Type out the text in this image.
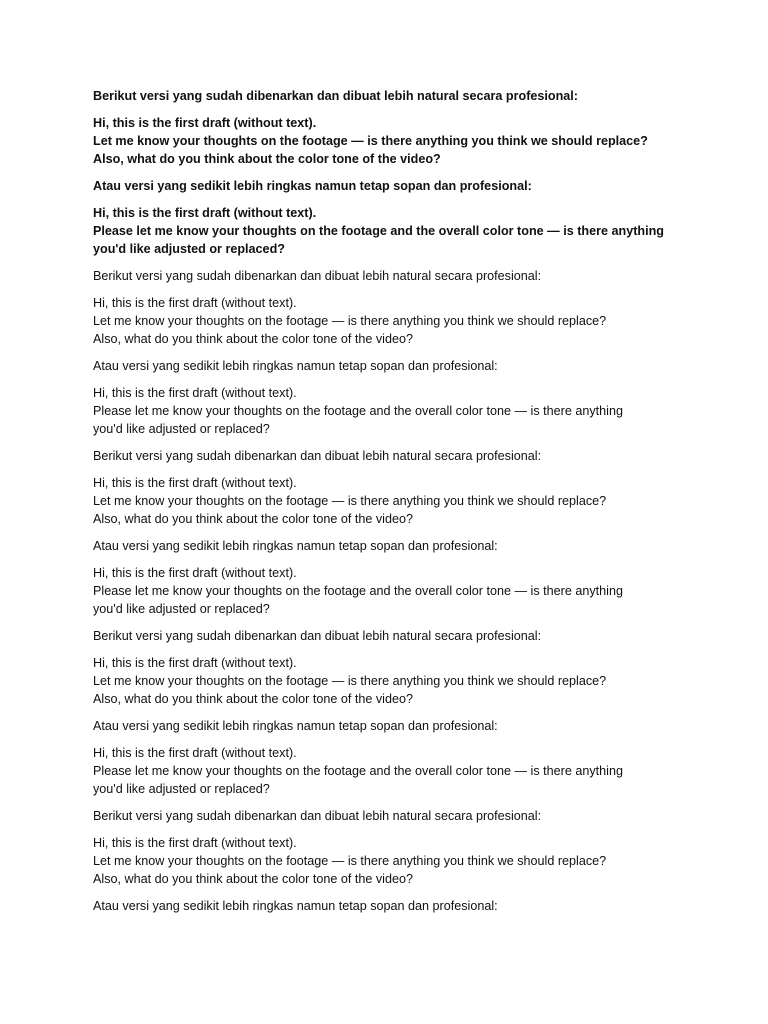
Berikut versi yang sudah dibenarkan dan dibuat lebih natural secara profesional:

Hi, this is the first draft (without text).
Let me know your thoughts on the footage — is there anything you think we should replace?
Also, what do you think about the color tone of the video?

Atau versi yang sedikit lebih ringkas namun tetap sopan dan profesional:

Hi, this is the first draft (without text).
Please let me know your thoughts on the footage and the overall color tone — is there anything
you'd like adjusted or replaced?

Berikut versi yang sudah dibenarkan dan dibuat lebih natural secara profesional:

Hi, this is the first draft (without text).
Let me know your thoughts on the footage — is there anything you think we should replace?
Also, what do you think about the color tone of the video?

Atau versi yang sedikit lebih ringkas namun tetap sopan dan profesional:

Hi, this is the first draft (without text).
Please let me know your thoughts on the footage and the overall color tone — is there anything
you'd like adjusted or replaced?

Berikut versi yang sudah dibenarkan dan dibuat lebih natural secara profesional:

Hi, this is the first draft (without text).
Let me know your thoughts on the footage — is there anything you think we should replace?
Also, what do you think about the color tone of the video?

Atau versi yang sedikit lebih ringkas namun tetap sopan dan profesional:

Hi, this is the first draft (without text).
Please let me know your thoughts on the footage and the overall color tone — is there anything
you'd like adjusted or replaced?

Berikut versi yang sudah dibenarkan dan dibuat lebih natural secara profesional:

Hi, this is the first draft (without text).
Let me know your thoughts on the footage — is there anything you think we should replace?
Also, what do you think about the color tone of the video?

Atau versi yang sedikit lebih ringkas namun tetap sopan dan profesional:

Hi, this is the first draft (without text).
Please let me know your thoughts on the footage and the overall color tone — is there anything
you'd like adjusted or replaced?

Berikut versi yang sudah dibenarkan dan dibuat lebih natural secara profesional:

Hi, this is the first draft (without text).
Let me know your thoughts on the footage — is there anything you think we should replace?
Also, what do you think about the color tone of the video?

Atau versi yang sedikit lebih ringkas namun tetap sopan dan profesional:
